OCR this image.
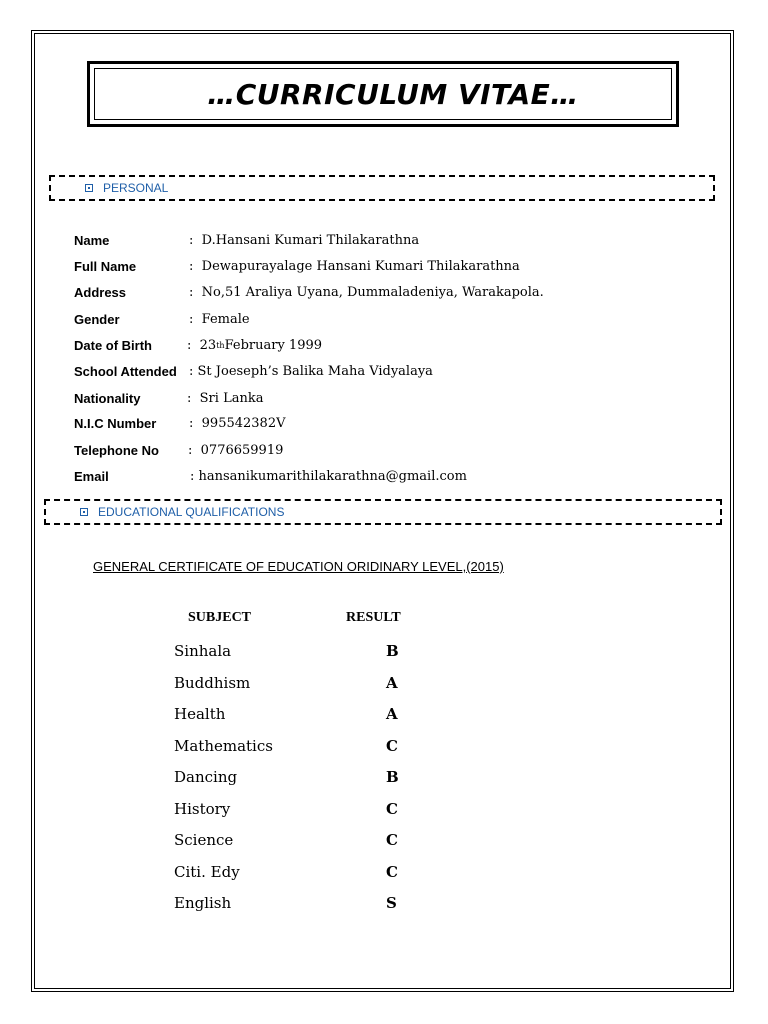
…CURRICULUM VITAE…
PERSONAL
Name	: D.Hansani Kumari Thilakarathna
Full Name	: Dewapurayalage Hansani Kumari Thilakarathna
Address	: No,51 Araliya Uyana, Dummaladeniya, Warakapola.
Gender	: Female
Date of Birth	: 23 th February 1999
School Attended : St Joeseph’s Balika Maha Vidyalaya
Nationality	: Sri Lanka
N.I.C Number	: 995542382V
Telephone No	: 0776659919
Email	: hansanikumarithilakarathna@gmail.com
EDUCATIONAL QUALIFICATIONS
GENERAL CERTIFICATE OF EDUCATION ORIDINARY LEVEL,(2015)
SUBJECT	RESULT
Sinhala	B
Buddhism	A
Health	A
Mathematics	C
Dancing	B
History	C
Science	C
Citi. Edy	C
English	S
